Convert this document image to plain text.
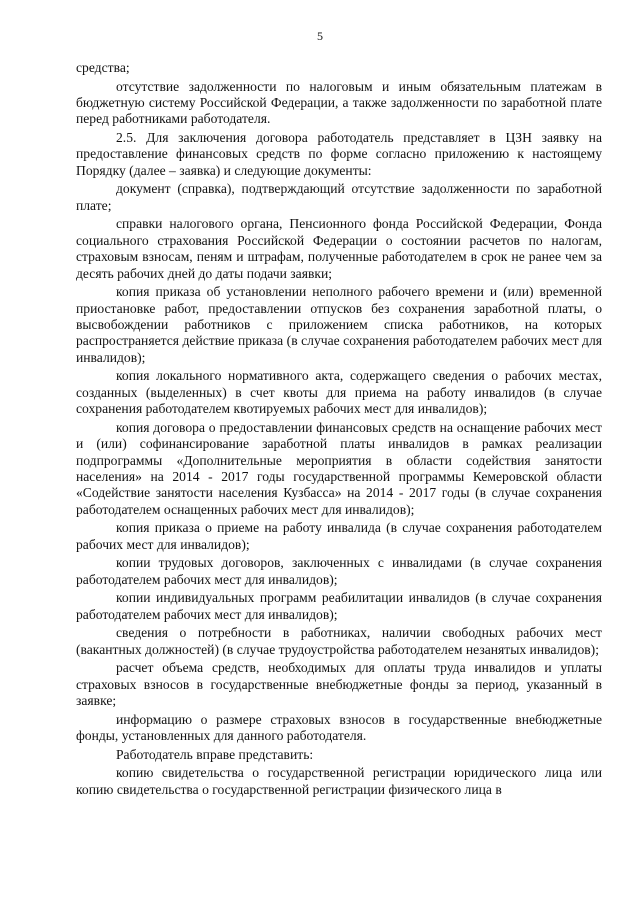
5

средства;

отсутствие задолженности по налоговым и иным обязательным платежам в бюджетную систему Российской Федерации, а также задолженности по заработной плате перед работниками работодателя.

2.5. Для заключения договора работодатель представляет в ЦЗН заявку на предоставление финансовых средств по форме согласно приложению к настоящему Порядку (далее – заявка) и следующие документы:

документ (справка), подтверждающий отсутствие задолженности по заработной плате;

справки налогового органа, Пенсионного фонда Российской Федерации, Фонда социального страхования Российской Федерации о состоянии расчетов по налогам, страховым взносам, пеням и штрафам, полученные работодателем в срок не ранее чем за десять рабочих дней до даты подачи заявки;

копия приказа об установлении неполного рабочего времени и (или) временной приостановке работ, предоставлении отпусков без сохранения заработной платы, о высвобождении работников с приложением списка работников, на которых распространяется действие приказа (в случае сохранения работодателем рабочих мест для инвалидов);

копия локального нормативного акта, содержащего сведения о рабочих местах, созданных (выделенных) в счет квоты для приема на работу инвалидов (в случае сохранения работодателем квотируемых рабочих мест для инвалидов);

копия договора о предоставлении финансовых средств на оснащение рабочих мест и (или) софинансирование заработной платы инвалидов в рамках реализации подпрограммы «Дополнительные мероприятия в области содействия занятости населения» на 2014 - 2017 годы государственной программы Кемеровской области «Содействие занятости населения Кузбасса» на 2014 - 2017 годы (в случае сохранения работодателем оснащенных рабочих мест для инвалидов);

копия приказа о приеме на работу инвалида (в случае сохранения работодателем рабочих мест для инвалидов);

копии трудовых договоров, заключенных с инвалидами (в случае сохранения работодателем рабочих мест для инвалидов);

копии индивидуальных программ реабилитации инвалидов (в случае сохранения работодателем рабочих мест для инвалидов);

сведения о потребности в работниках, наличии свободных рабочих мест (вакантных должностей) (в случае трудоустройства работодателем незанятых инвалидов);

расчет объема средств, необходимых для оплаты труда инвалидов и уплаты страховых взносов в государственные внебюджетные фонды за период, указанный в заявке;

информацию о размере страховых взносов в государственные внебюджетные фонды, установленных для данного работодателя.

Работодатель вправе представить:

копию свидетельства о государственной регистрации юридического лица или копию свидетельства о государственной регистрации физического лица в
